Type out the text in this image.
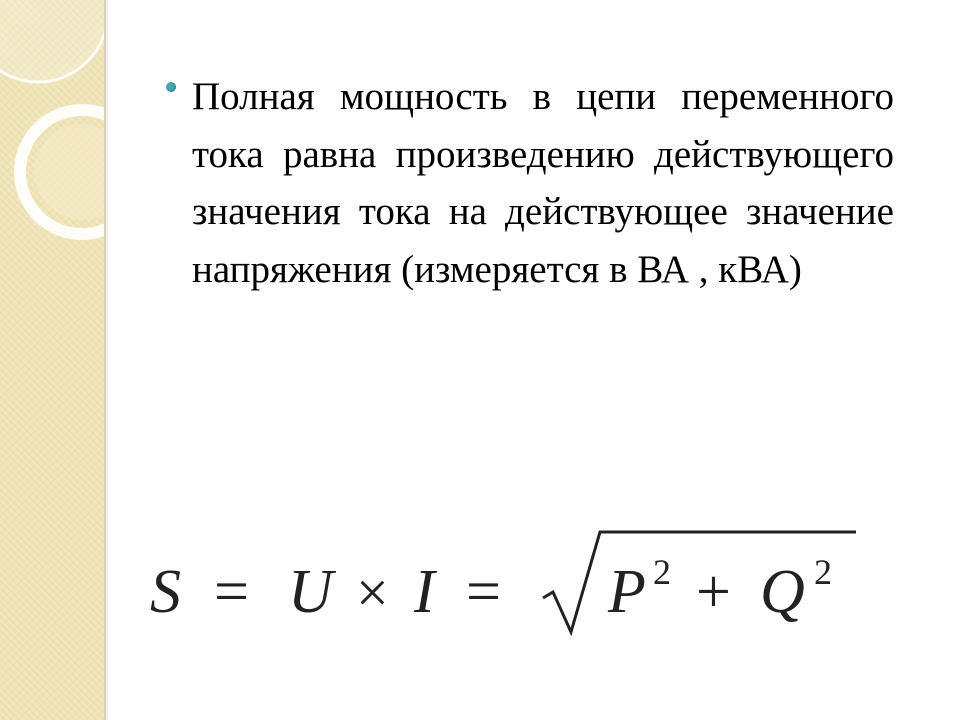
Полная мощность в цепи переменного тока равна произведению действующего значения тока на действующее значение напряжения (измеряется в ВА , кВА)

S = U × I = P 2 + Q 2
